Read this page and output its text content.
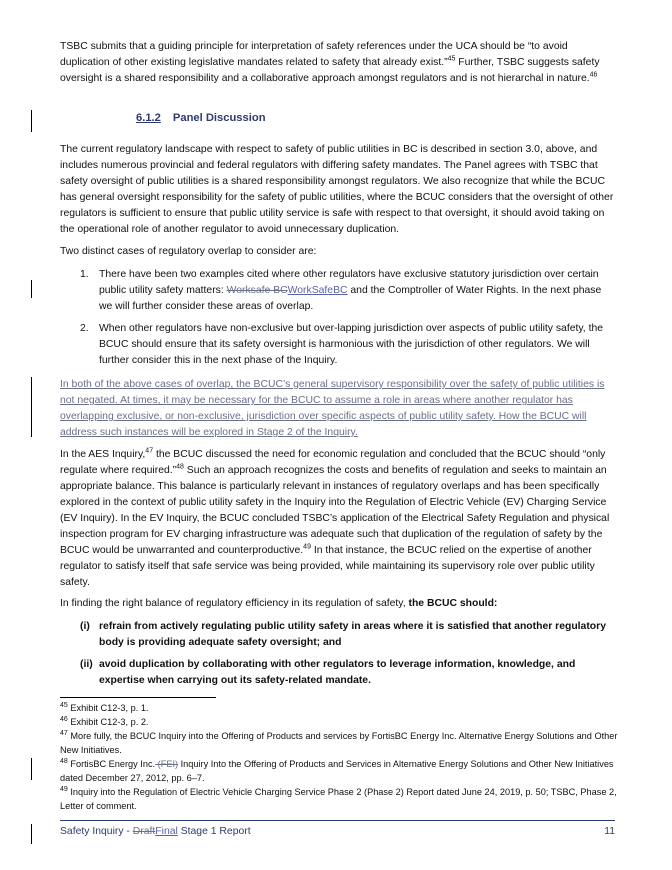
TSBC submits that a guiding principle for interpretation of safety references under the UCA should be “to avoid duplication of other existing legislative mandates related to safety that already exist.”$^{45}$ Further, TSBC suggests safety oversight is a shared responsibility and a collaborative approach amongst regulators and is not hierarchal in nature.$^{46}$

6.1.2 Panel Discussion

The current regulatory landscape with respect to safety of public utilities in BC is described in section 3.0, above, and includes numerous provincial and federal regulators with differing safety mandates. The Panel agrees with TSBC that safety oversight of public utilities is a shared responsibility amongst regulators. We also recognize that while the BCUC has general oversight responsibility for the safety of public utilities, where the BCUC considers that the oversight of other regulators is sufficient to ensure that public utility service is safe with respect to that oversight, it should avoid taking on the operational role of another regulator to avoid unnecessary duplication.

Two distinct cases of regulatory overlap to consider are:

1. There have been two examples cited where other regulators have exclusive statutory jurisdiction over certain public utility safety matters: Worksafe BCWorkSafeBC and the Comptroller of Water Rights. In the next phase we will further consider these areas of overlap.
2. When other regulators have non-exclusive but over-lapping jurisdiction over aspects of public utility safety, the BCUC should ensure that its safety oversight is harmonious with the jurisdiction of other regulators. We will further consider this in the next phase of the Inquiry.

In both of the above cases of overlap, the BCUC’s general supervisory responsibility over the safety of public utilities is not negated. At times, it may be necessary for the BCUC to assume a role in areas where another regulator has overlapping exclusive, or non-exclusive, jurisdiction over specific aspects of public utility safety. How the BCUC will address such instances will be explored in Stage 2 of the Inquiry.

In the AES Inquiry,$^{47}$ the BCUC discussed the need for economic regulation and concluded that the BCUC should “only regulate where required.”$^{48}$ Such an approach recognizes the costs and benefits of regulation and seeks to maintain an appropriate balance. This balance is particularly relevant in instances of regulatory overlaps and has been specifically explored in the context of public utility safety in the Inquiry into the Regulation of Electric Vehicle (EV) Charging Service (EV Inquiry). In the EV Inquiry, the BCUC concluded TSBC’s application of the Electrical Safety Regulation and physical inspection program for EV charging infrastructure was adequate such that duplication of the regulation of safety by the BCUC would be unwarranted and counterproductive.$^{49}$ In that instance, the BCUC relied on the expertise of another regulator to satisfy itself that safe service was being provided, while maintaining its supervisory role over public utility safety.

In finding the right balance of regulatory efficiency in its regulation of safety, the BCUC should:

(i) refrain from actively regulating public utility safety in areas where it is satisfied that another regulatory body is providing adequate safety oversight; and
(ii) avoid duplication by collaborating with other regulators to leverage information, knowledge, and expertise when carrying out its safety-related mandate.

$^{45}$ Exhibit C12-3, p. 1.

$^{46}$ Exhibit C12-3, p. 2.

$^{47}$ More fully, the BCUC Inquiry into the Offering of Products and services by FortisBC Energy Inc. Alternative Energy Solutions and Other New Initiatives.

$^{48}$ FortisBC Energy Inc. (FEI) Inquiry Into the Offering of Products and Services in Alternative Energy Solutions and Other New Initiatives dated December 27, 2012, pp. 6–7.

$^{49}$ Inquiry into the Regulation of Electric Vehicle Charging Service Phase 2 (Phase 2) Report dated June 24, 2019, p. 50; TSBC, Phase 2, Letter of comment.

Safety Inquiry - DraftFinal Stage 1 Report	11
